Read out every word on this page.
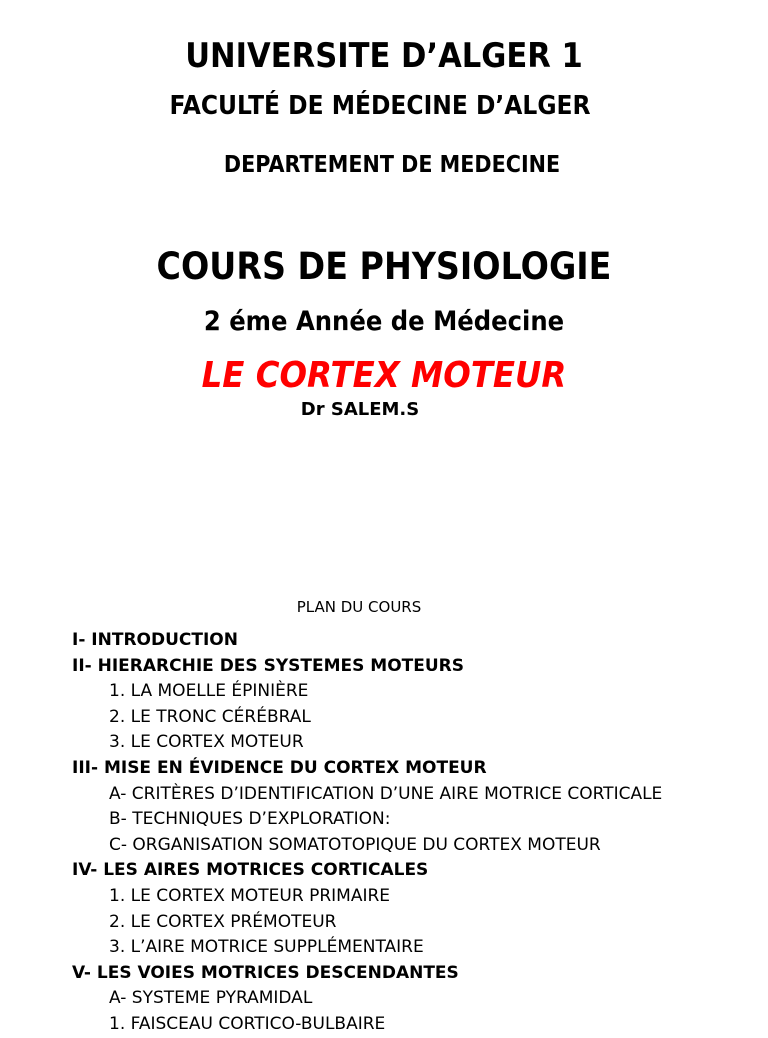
UNIVERSITE D’ALGER 1
FACULTÉ DE MÉDECINE D’ALGER
DEPARTEMENT DE MEDECINE
COURS DE PHYSIOLOGIE
2 éme Année de Médecine
LE CORTEX MOTEUR
Dr SALEM.S
PLAN DU COURS
I- INTRODUCTION
II- HIERARCHIE DES SYSTEMES MOTEURS
1. LA MOELLE ÉPINIÈRE
2. LE TRONC CÉRÉBRAL
3. LE CORTEX MOTEUR
III- MISE EN ÉVIDENCE DU CORTEX MOTEUR
A- CRITÈRES D’IDENTIFICATION D’UNE AIRE MOTRICE CORTICALE
B- TECHNIQUES D’EXPLORATION:
C- ORGANISATION SOMATOTOPIQUE DU CORTEX MOTEUR
IV- LES AIRES MOTRICES CORTICALES
1. LE CORTEX MOTEUR PRIMAIRE
2. LE CORTEX PRÉMOTEUR
3. L’AIRE MOTRICE SUPPLÉMENTAIRE
V- LES VOIES MOTRICES DESCENDANTES
A- SYSTEME PYRAMIDAL
1. FAISCEAU CORTICO-BULBAIRE
